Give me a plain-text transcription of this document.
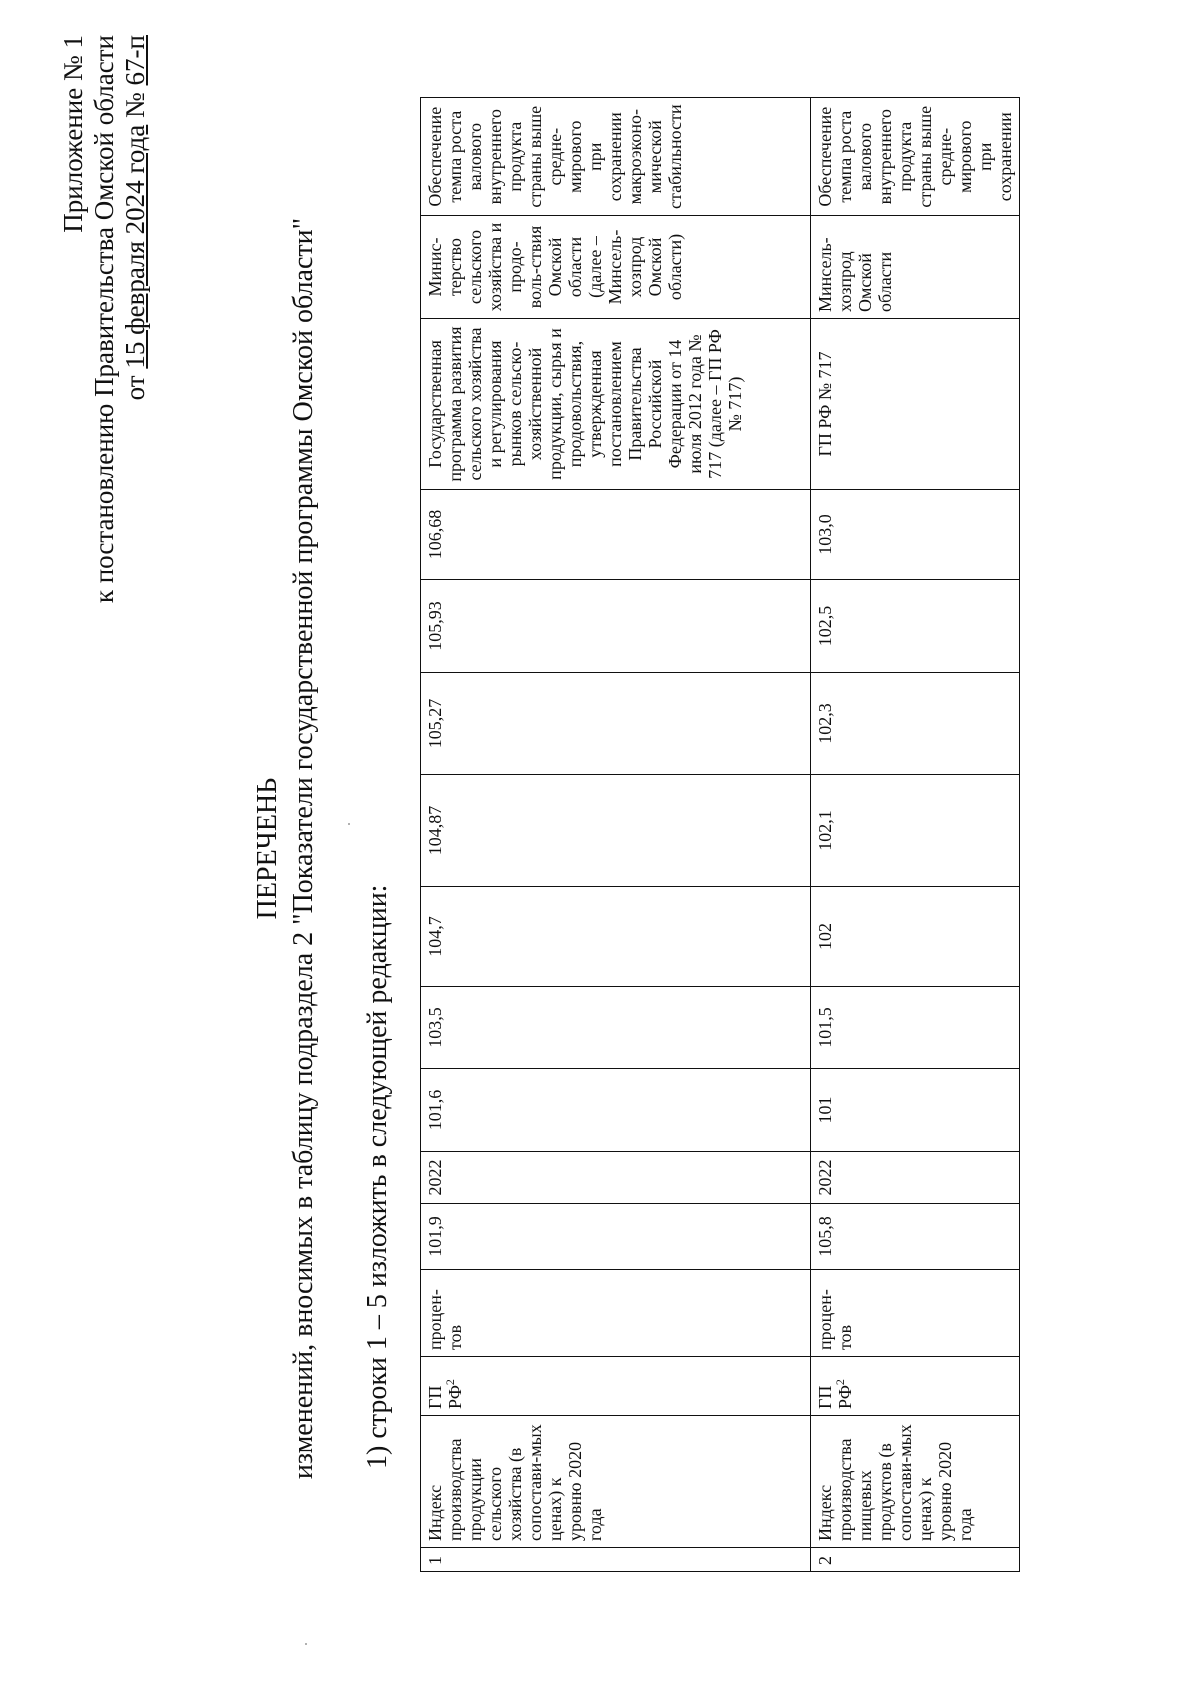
Приложение № 1 к постановлению Правительства Омской области от 15 февраля 2024 года № 67-п
ПЕРЕЧЕНЬ изменений, вносимых в таблицу подраздела 2 "Показатели государственной программы Омской области" 1) строки 1 – 5 изложить в следующей редакции:
1	Индекс производства продукции сельского хозяйства (в сопостави-мых ценах) к уровню 2020 года	ГП $РФ^2$	процен-тов	101,9	2022	101,6	103,5	104,7	104,87	105,27	105,93	106,68	Государственная программа развития сельского хозяйства и регулирования рынков сельско-хозяйственной продукции, сырья и продовольствия, утвержденная постановлением Правительства Российской Федерации от 14 июля 2012 года № 717 (далее – ГП РФ № 717)	Минис-терство сельского хозяйства и продо-воль-ствия Омской области (далее – Минсель-хозпрод Омской области)	Обеспечение темпа роста валового внутреннего продукта страны выше средне-мирового при сохранении макроэконо-мической стабильности
2	Индекс производства пищевых продуктов (в сопостави-мых ценах) к уровню 2020 года	ГП $РФ^2$	процен-тов	105,8	2022	101	101,5	102	102,1	102,3	102,5	103,0	ГП РФ № 717	Минсель-хозпрод Омской области	Обеспечение темпа роста валового внутреннего продукта страны выше средне-мирового при сохранении
